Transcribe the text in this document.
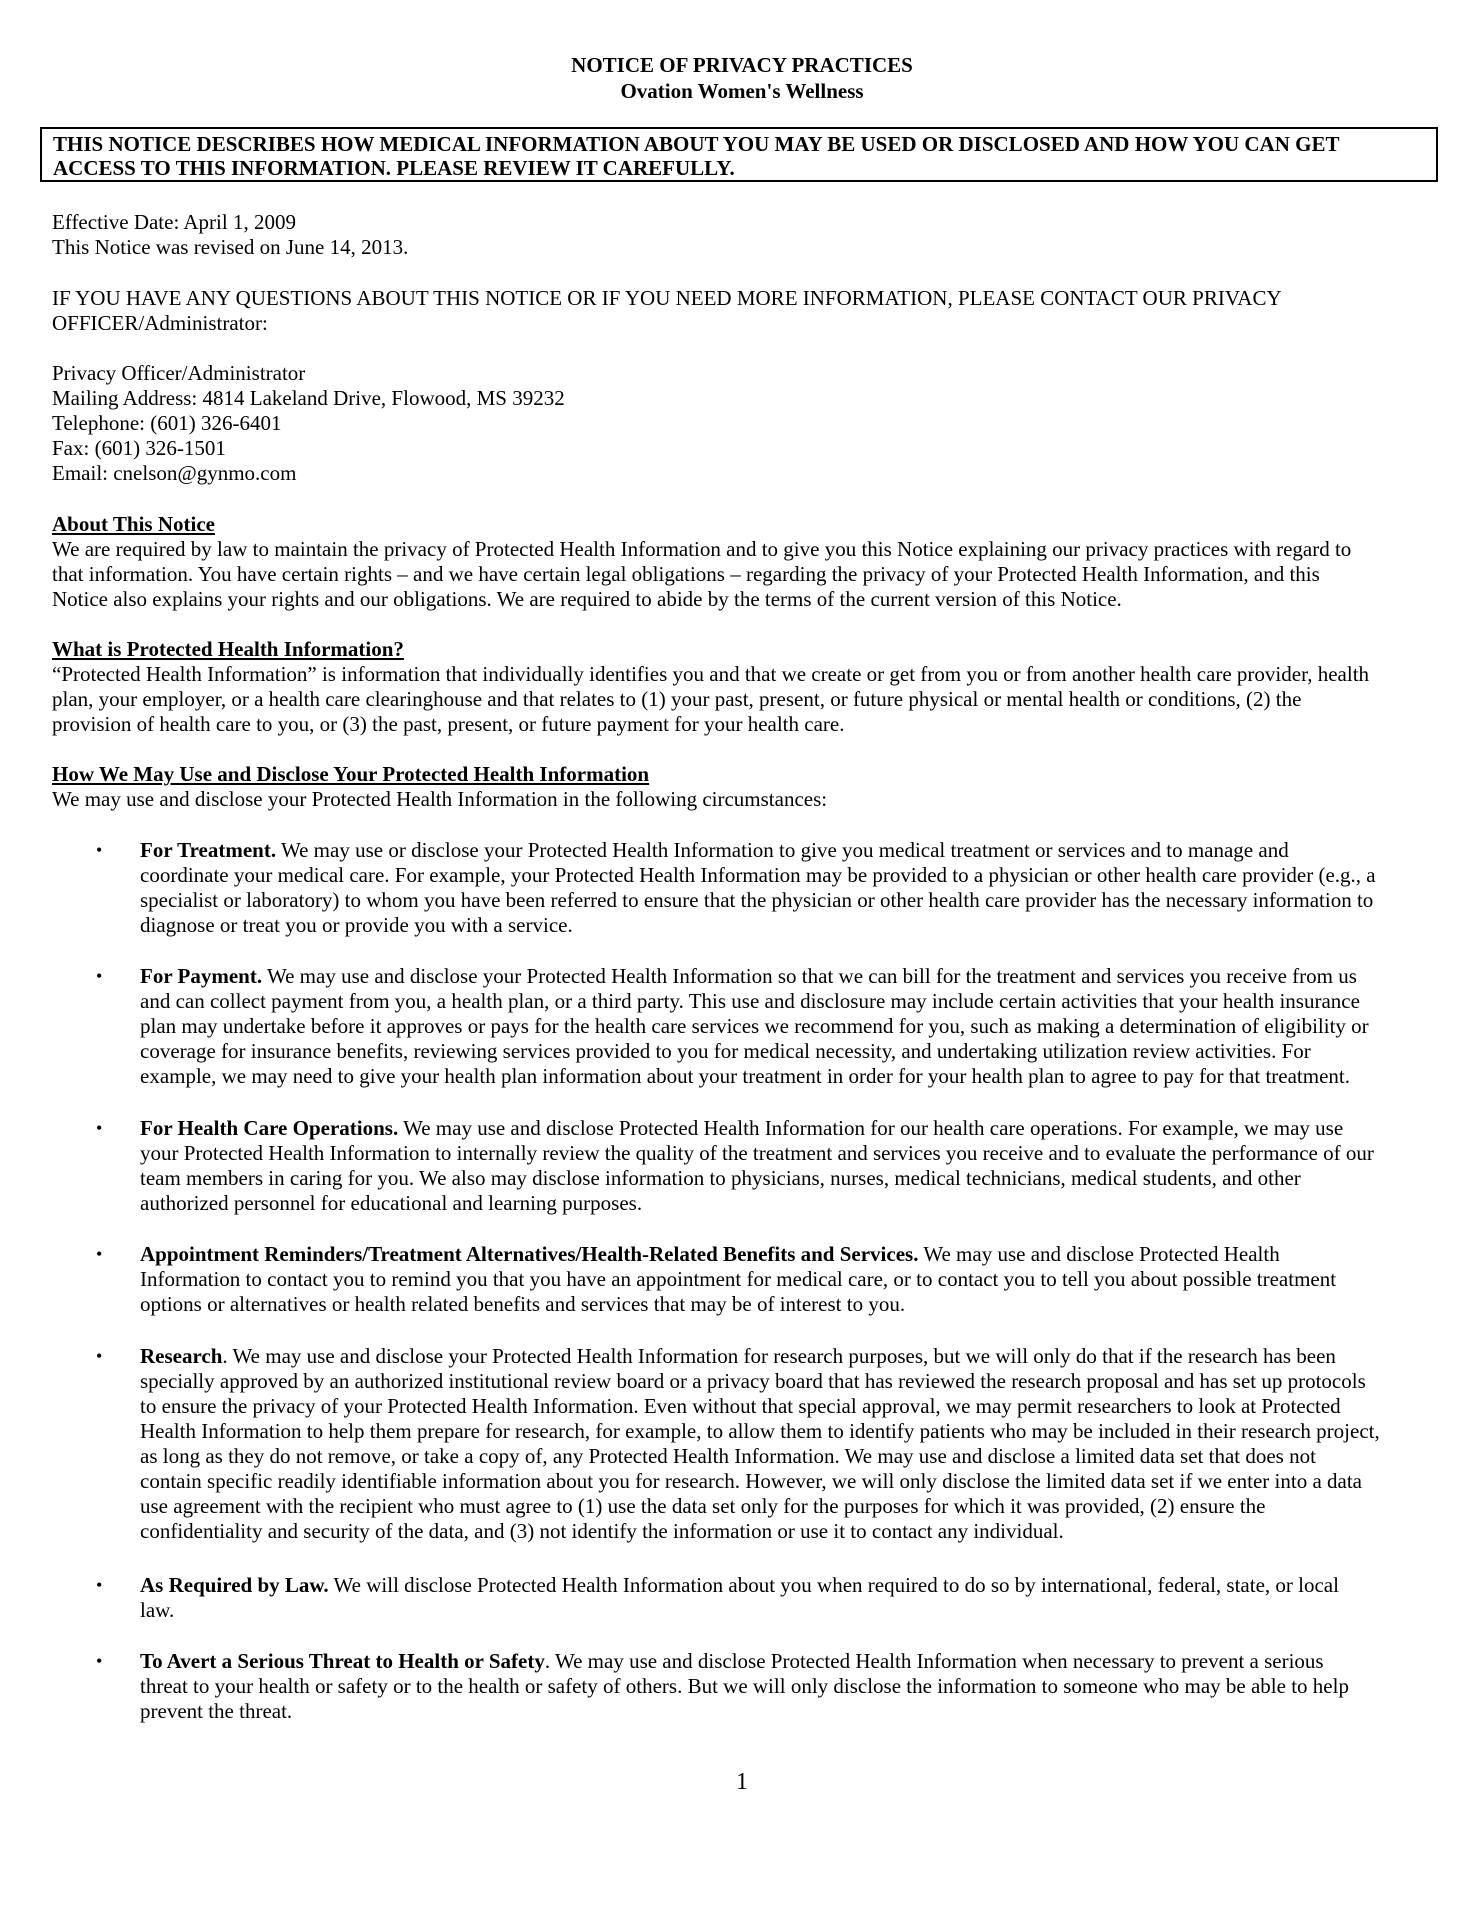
NOTICE OF PRIVACY PRACTICES
Ovation Women's Wellness
THIS NOTICE DESCRIBES HOW MEDICAL INFORMATION ABOUT YOU MAY BE USED OR DISCLOSED AND HOW YOU CAN GET
ACCESS TO THIS INFORMATION. PLEASE REVIEW IT CAREFULLY.
Effective Date: April 1, 2009
This Notice was revised on June 14, 2013.
IF YOU HAVE ANY QUESTIONS ABOUT THIS NOTICE OR IF YOU NEED MORE INFORMATION, PLEASE CONTACT OUR PRIVACY
OFFICER/Administrator:
Privacy Officer/Administrator
Mailing Address: 4814 Lakeland Drive, Flowood, MS 39232
Telephone: (601) 326-6401
Fax: (601) 326-1501
Email: cnelson@gynmo.com
About This Notice
We are required by law to maintain the privacy of Protected Health Information and to give you this Notice explaining our privacy practices with regard to
that information. You have certain rights – and we have certain legal obligations – regarding the privacy of your Protected Health Information, and this
Notice also explains your rights and our obligations. We are required to abide by the terms of the current version of this Notice.
What is Protected Health Information?
“Protected Health Information” is information that individually identifies you and that we create or get from you or from another health care provider, health
plan, your employer, or a health care clearinghouse and that relates to (1) your past, present, or future physical or mental health or conditions, (2) the
provision of health care to you, or (3) the past, present, or future payment for your health care.
How We May Use and Disclose Your Protected Health Information
We may use and disclose your Protected Health Information in the following circumstances:
• For Treatment. We may use or disclose your Protected Health Information to give you medical treatment or services and to manage and
coordinate your medical care. For example, your Protected Health Information may be provided to a physician or other health care provider (e.g., a
specialist or laboratory) to whom you have been referred to ensure that the physician or other health care provider has the necessary information to
diagnose or treat you or provide you with a service.
• For Payment. We may use and disclose your Protected Health Information so that we can bill for the treatment and services you receive from us
and can collect payment from you, a health plan, or a third party. This use and disclosure may include certain activities that your health insurance
plan may undertake before it approves or pays for the health care services we recommend for you, such as making a determination of eligibility or
coverage for insurance benefits, reviewing services provided to you for medical necessity, and undertaking utilization review activities. For
example, we may need to give your health plan information about your treatment in order for your health plan to agree to pay for that treatment.
• For Health Care Operations. We may use and disclose Protected Health Information for our health care operations. For example, we may use
your Protected Health Information to internally review the quality of the treatment and services you receive and to evaluate the performance of our
team members in caring for you. We also may disclose information to physicians, nurses, medical technicians, medical students, and other
authorized personnel for educational and learning purposes.
• Appointment Reminders/Treatment Alternatives/Health-Related Benefits and Services. We may use and disclose Protected Health
Information to contact you to remind you that you have an appointment for medical care, or to contact you to tell you about possible treatment
options or alternatives or health related benefits and services that may be of interest to you.
• Research. We may use and disclose your Protected Health Information for research purposes, but we will only do that if the research has been
specially approved by an authorized institutional review board or a privacy board that has reviewed the research proposal and has set up protocols
to ensure the privacy of your Protected Health Information. Even without that special approval, we may permit researchers to look at Protected
Health Information to help them prepare for research, for example, to allow them to identify patients who may be included in their research project,
as long as they do not remove, or take a copy of, any Protected Health Information. We may use and disclose a limited data set that does not
contain specific readily identifiable information about you for research. However, we will only disclose the limited data set if we enter into a data
use agreement with the recipient who must agree to (1) use the data set only for the purposes for which it was provided, (2) ensure the
confidentiality and security of the data, and (3) not identify the information or use it to contact any individual.
• As Required by Law. We will disclose Protected Health Information about you when required to do so by international, federal, state, or local
law.
• To Avert a Serious Threat to Health or Safety. We may use and disclose Protected Health Information when necessary to prevent a serious
threat to your health or safety or to the health or safety of others. But we will only disclose the information to someone who may be able to help
prevent the threat.
1
